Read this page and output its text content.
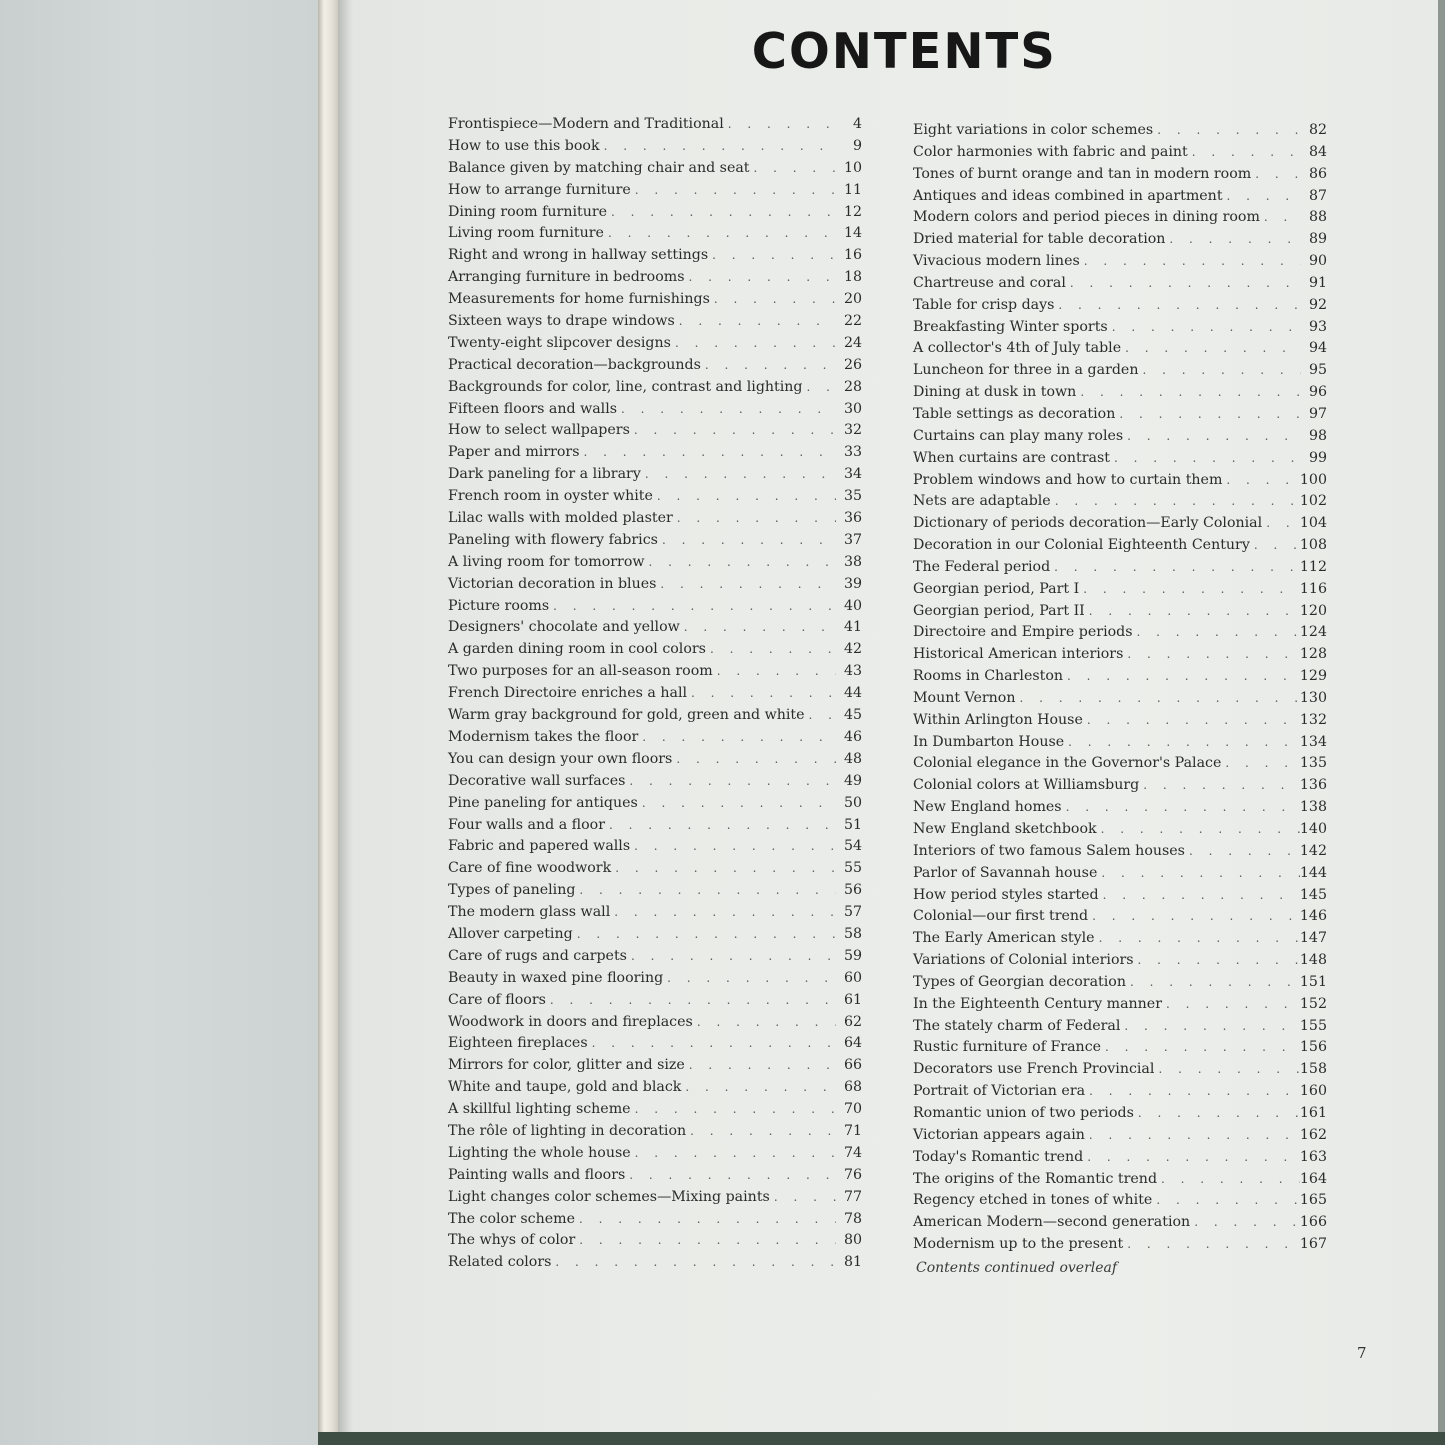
CONTENTS
Frontispiece—Modern and Traditional . . .	4
How to use this book . . .	9
Balance given by matching chair and seat . . .	10
How to arrange furniture . . .	11
Dining room furniture . . .	12
Living room furniture . . .	14
Right and wrong in hallway settings . . .	16
Arranging furniture in bedrooms . . .	18
Measurements for home furnishings . . .	20
Sixteen ways to drape windows . . .	22
Twenty-eight slipcover designs . . .	24
Practical decoration—backgrounds . . .	26
Backgrounds for color, line, contrast and lighting . . .	28
Fifteen floors and walls . . .	30
How to select wallpapers . . .	32
Paper and mirrors . . .	33
Dark paneling for a library . . .	34
French room in oyster white . . .	35
Lilac walls with molded plaster . . .	36
Paneling with flowery fabrics . . .	37
A living room for tomorrow . . .	38
Victorian decoration in blues . . .	39
Picture rooms . . .	40
Designers' chocolate and yellow . . .	41
A garden dining room in cool colors . . .	42
Two purposes for an all-season room . . .	43
French Directoire enriches a hall . . .	44
Warm gray background for gold, green and white . . .	45
Modernism takes the floor . . .	46
You can design your own floors . . .	48
Decorative wall surfaces . . .	49
Pine paneling for antiques . . .	50
Four walls and a floor . . .	51
Fabric and papered walls . . .	54
Care of fine woodwork . . .	55
Types of paneling . . .	56
The modern glass wall . . .	57
Allover carpeting . . .	58
Care of rugs and carpets . . .	59
Beauty in waxed pine flooring . . .	60
Care of floors . . .	61
Woodwork in doors and fireplaces . . .	62
Eighteen fireplaces . . .	64
Mirrors for color, glitter and size . . .	66
White and taupe, gold and black . . .	68
A skillful lighting scheme . . .	70
The rôle of lighting in decoration . . .	71
Lighting the whole house . . .	74
Painting walls and floors . . .	76
Light changes color schemes—Mixing paints . . .	77
The color scheme . . .	78
The whys of color . . .	80
Related colors . . .	81
Eight variations in color schemes . . .	82
Color harmonies with fabric and paint . . .	84
Tones of burnt orange and tan in modern room . . .	86
Antiques and ideas combined in apartment . . .	87
Modern colors and period pieces in dining room . . .	88
Dried material for table decoration . . .	89
Vivacious modern lines . . .	90
Chartreuse and coral . . .	91
Table for crisp days . . .	92
Breakfasting Winter sports . . .	93
A collector's 4th of July table . . .	94
Luncheon for three in a garden . . .	95
Dining at dusk in town . . .	96
Table settings as decoration . . .	97
Curtains can play many roles . . .	98
When curtains are contrast . . .	99
Problem windows and how to curtain them . . .	100
Nets are adaptable . . .	102
Dictionary of periods decoration—Early Colonial . . .	104
Decoration in our Colonial Eighteenth Century . . .	108
The Federal period . . .	112
Georgian period, Part I . . .	116
Georgian period, Part II . . .	120
Directoire and Empire periods . . .	124
Historical American interiors . . .	128
Rooms in Charleston . . .	129
Mount Vernon . . .	130
Within Arlington House . . .	132
In Dumbarton House . . .	134
Colonial elegance in the Governor's Palace . . .	135
Colonial colors at Williamsburg . . .	136
New England homes . . .	138
New England sketchbook . . .	140
Interiors of two famous Salem houses . . .	142
Parlor of Savannah house . . .	144
How period styles started . . .	145
Colonial—our first trend . . .	146
The Early American style . . .	147
Variations of Colonial interiors . . .	148
Types of Georgian decoration . . .	151
In the Eighteenth Century manner . . .	152
The stately charm of Federal . . .	155
Rustic furniture of France . . .	156
Decorators use French Provincial . . .	158
Portrait of Victorian era . . .	160
Romantic union of two periods . . .	161
Victorian appears again . . .	162
Today's Romantic trend . . .	163
The origins of the Romantic trend . . .	164
Regency etched in tones of white . . .	165
American Modern—second generation . . .	166
Modernism up to the present . . .	167
Contents continued overleaf
7
